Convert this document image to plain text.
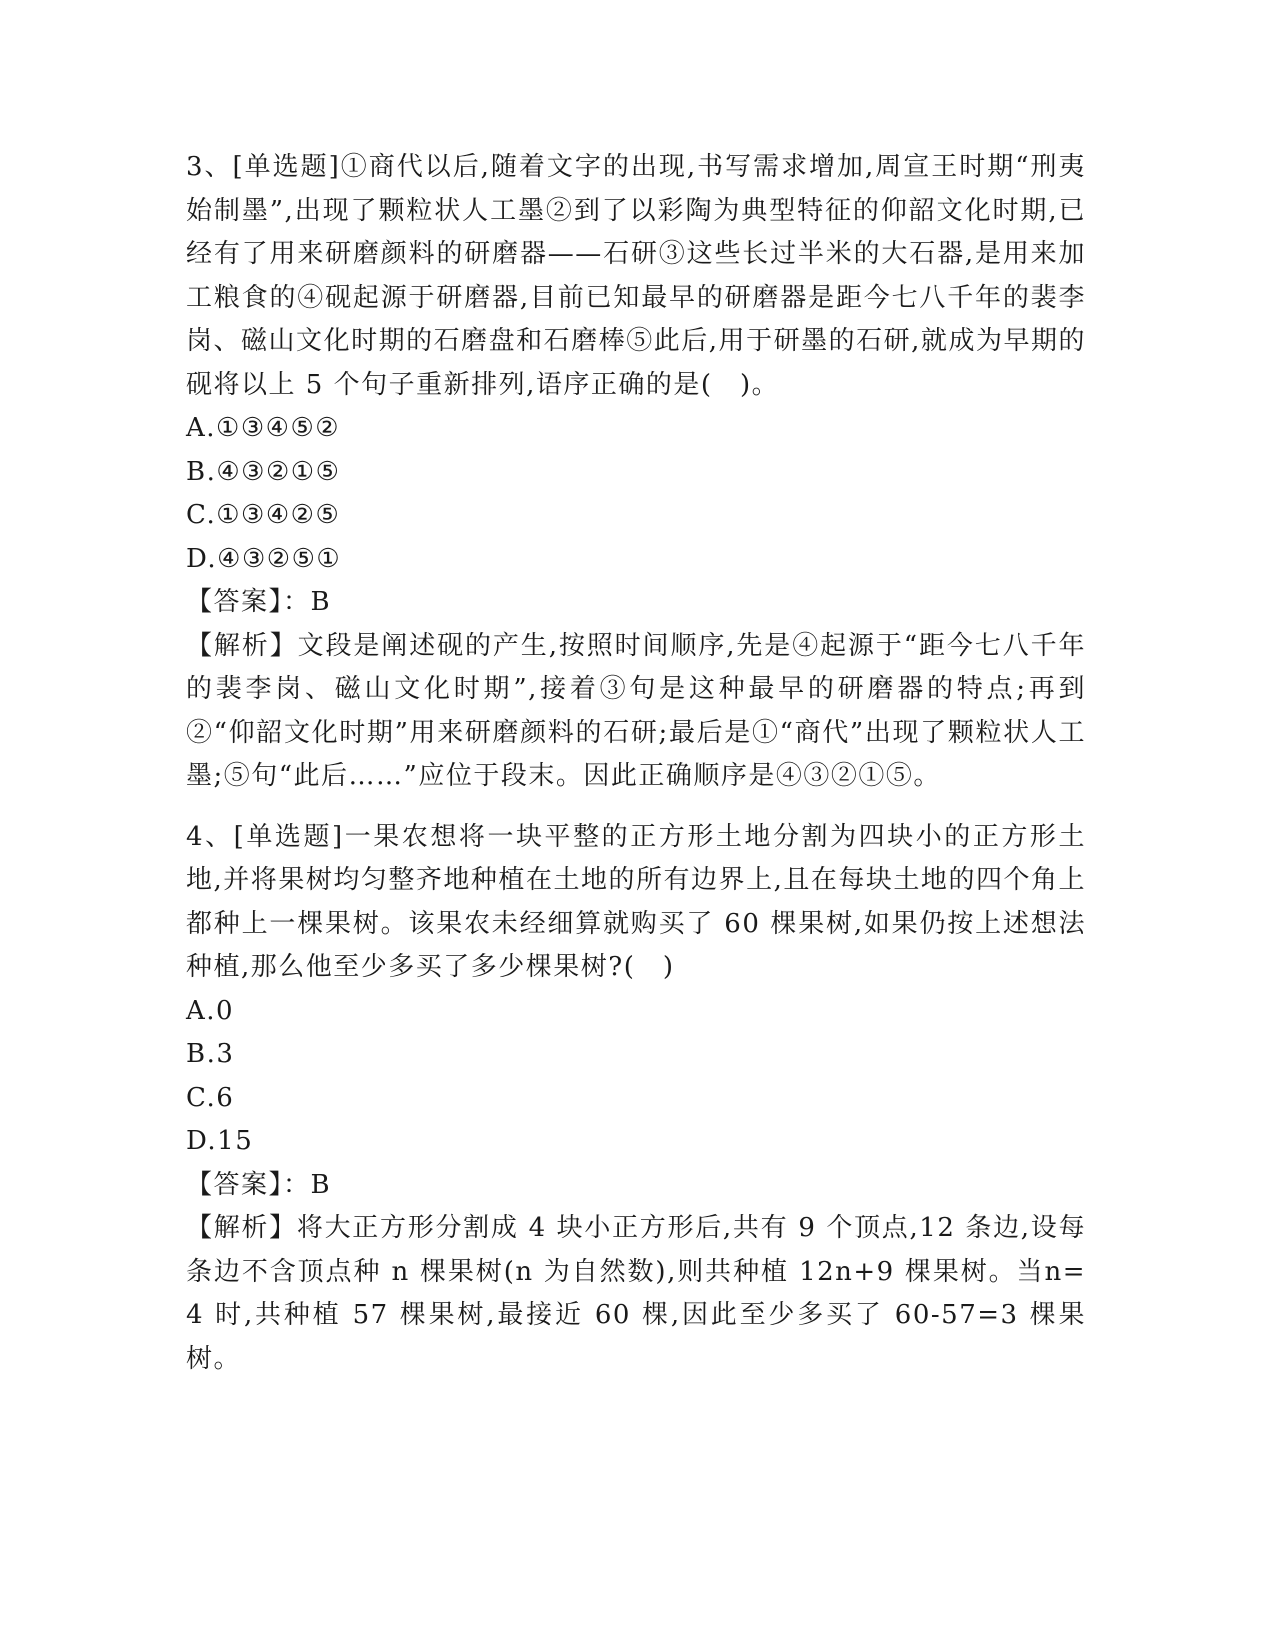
3、[单选题]①商代以后,随着文字的出现,书写需求增加,周宣王时期“刑夷始制墨”,出现了颗粒状人工墨②到了以彩陶为典型特征的仰韶文化时期,已经有了用来研磨颜料的研磨器——石研③这些长过半米的大石器,是用来加工粮食的④砚起源于研磨器,目前已知最早的研磨器是距今七八千年的裴李岗、磁山文化时期的石磨盘和石磨棒⑤此后,用于研墨的石研,就成为早期的砚将以上 5 个句子重新排列,语序正确的是(　)。

A.①③④⑤②

B.④③②①⑤

C.①③④②⑤

D.④③②⑤①

【答案】：B

【解析】文段是阐述砚的产生,按照时间顺序,先是④起源于“距今七八千年的裴李岗、磁山文化时期”,接着③句是这种最早的研磨器的特点;再到②“仰韶文化时期”用来研磨颜料的石研;最后是①“商代”出现了颗粒状人工墨;⑤句“此后……”应位于段末。因此正确顺序是④③②①⑤。

4、[单选题]一果农想将一块平整的正方形土地分割为四块小的正方形土地,并将果树均匀整齐地种植在土地的所有边界上,且在每块土地的四个角上都种上一棵果树。该果农未经细算就购买了 60 棵果树,如果仍按上述想法种植,那么他至少多买了多少棵果树?(　)

A.0

B.3

C.6

D.15

【答案】：B

【解析】将大正方形分割成 4 块小正方形后,共有 9 个顶点,12 条边,设每条边不含顶点种 n 棵果树(n 为自然数),则共种植 12n+9 棵果树。当n=4 时,共种植 57 棵果树,最接近 60 棵,因此至少多买了 60-57=3 棵果树。
